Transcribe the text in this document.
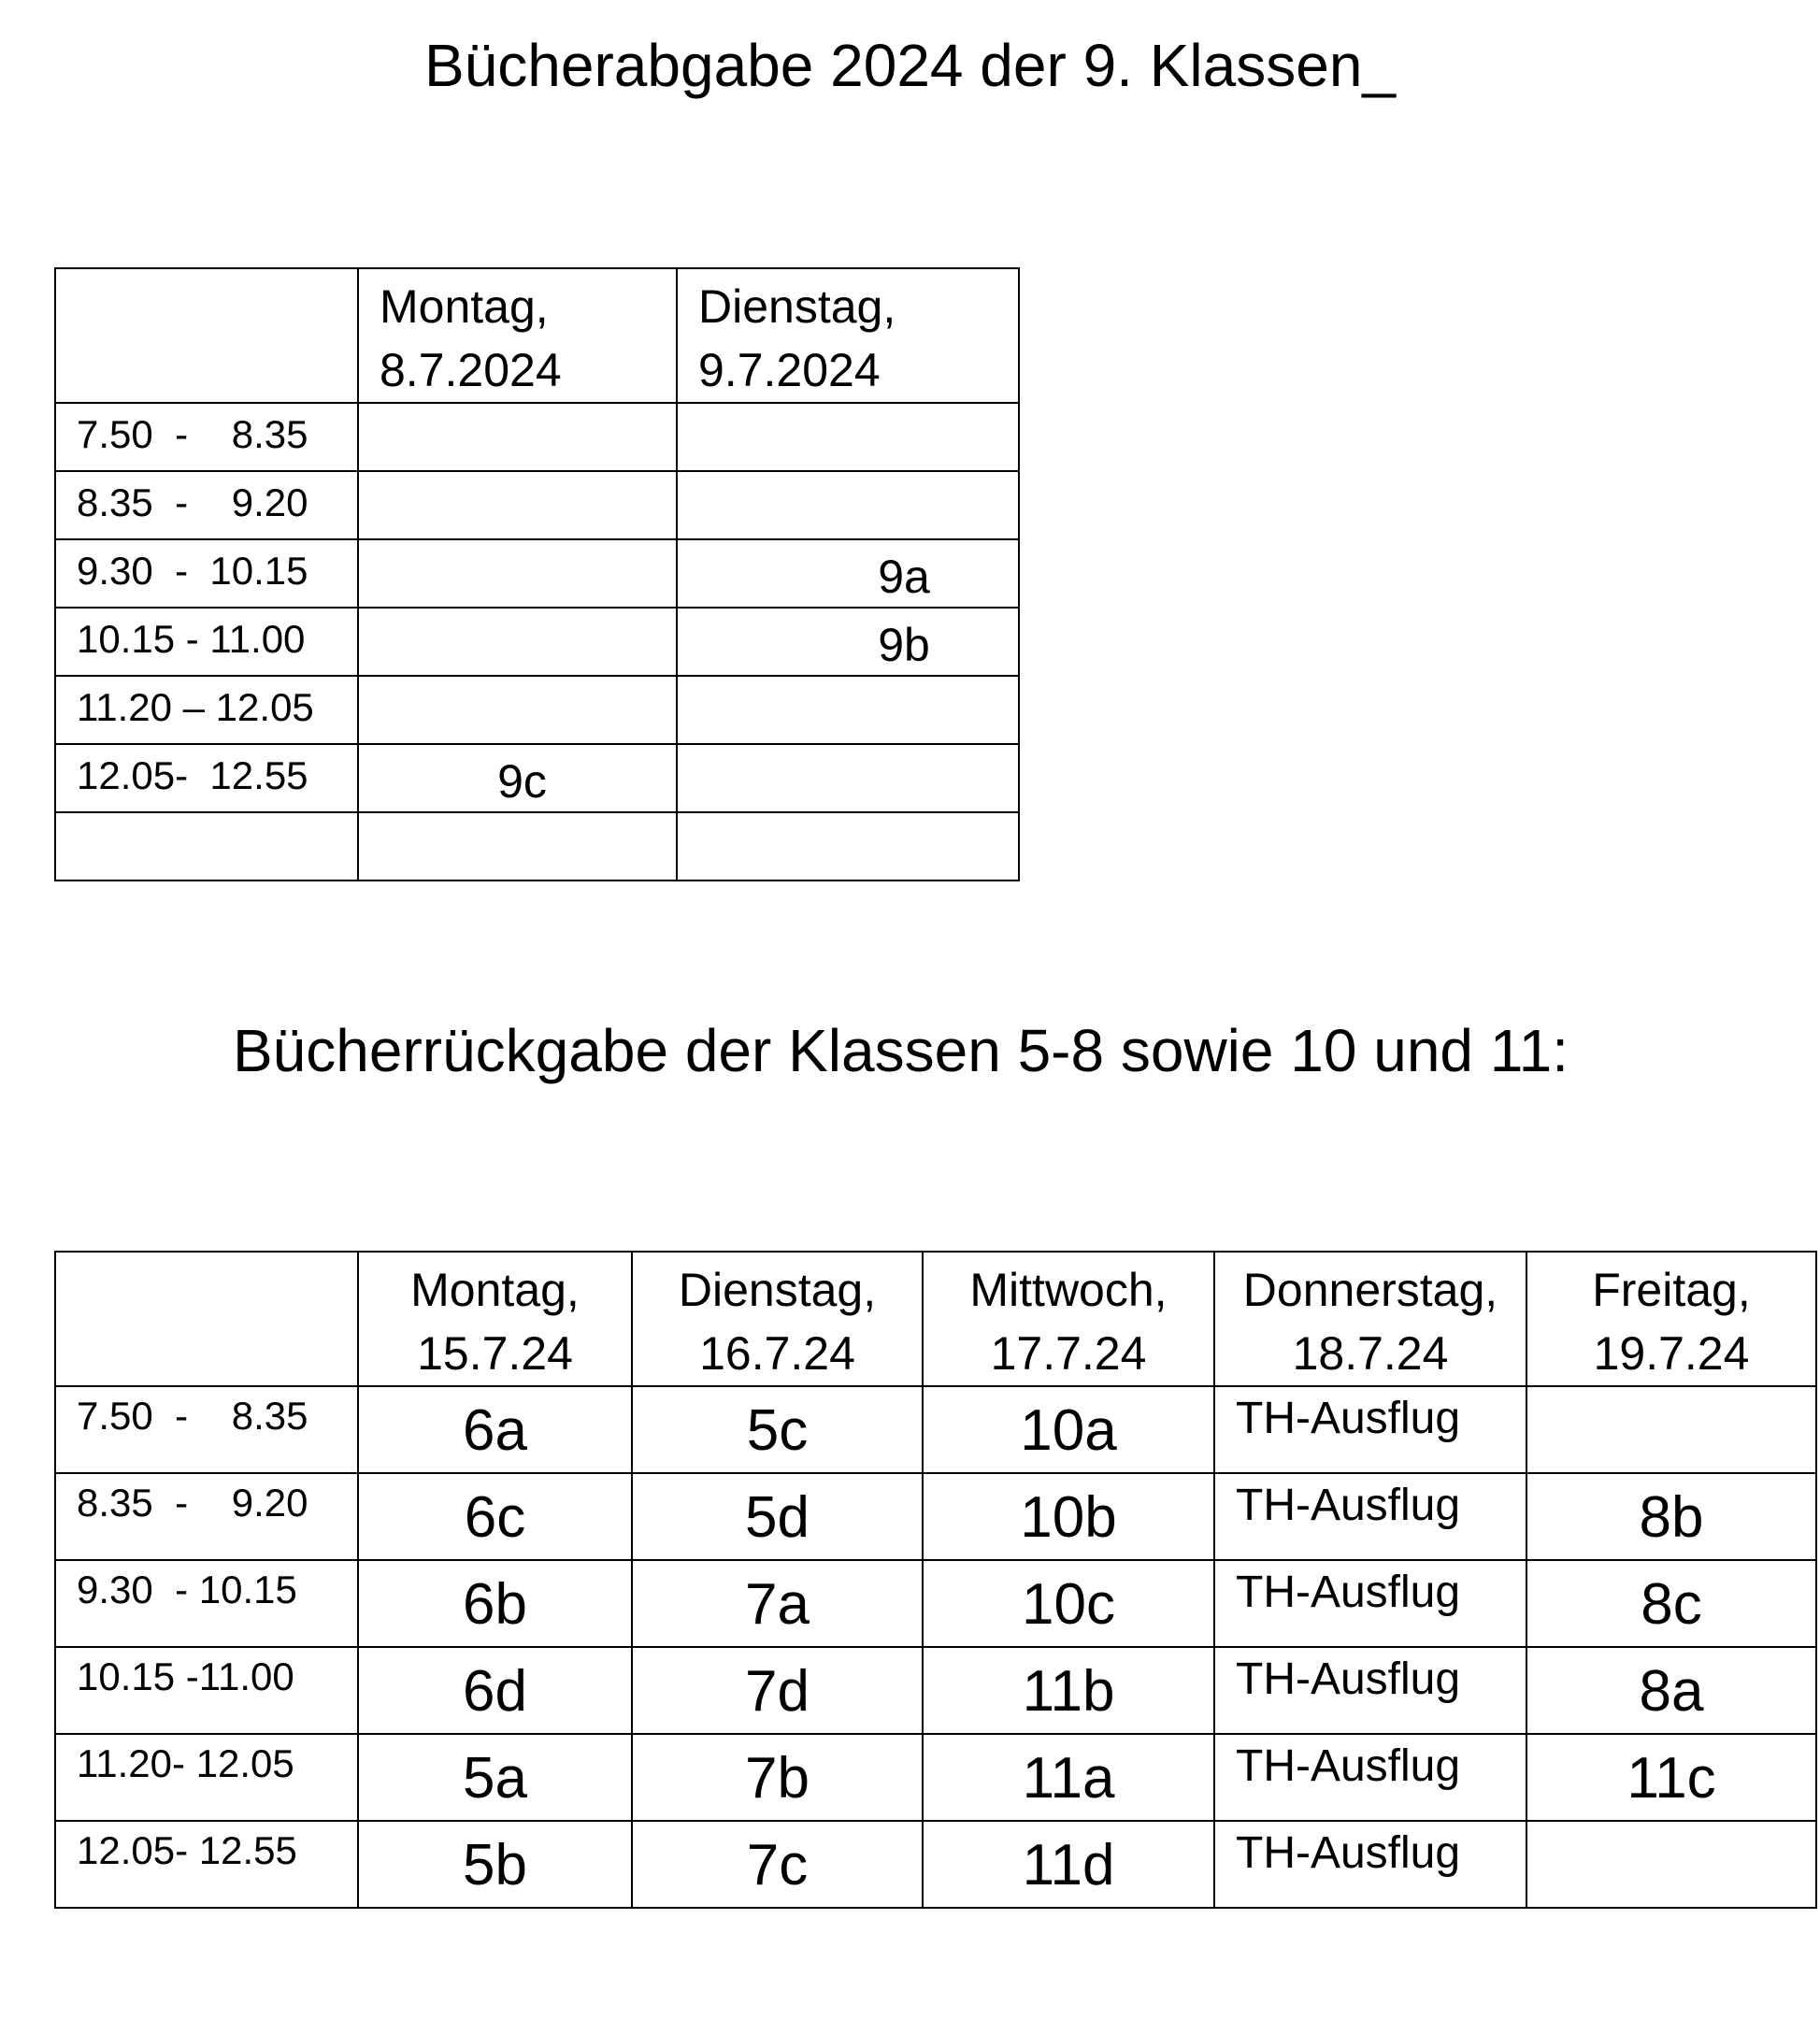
Bücherabgabe 2024 der 9. Klassen_

	Montag,
8.7.2024	Dienstag,
9.7.2024

7.50  -    8.35		

8.35  -    9.20		

9.30  -  10.15		9a

10.15 - 11.00		9b

11.20 – 12.05		

12.05-  12.55	9c	

Bücherrückgabe der Klassen 5-8 sowie 10 und 11:

	Montag,
15.7.24	Dienstag,
16.7.24	Mittwoch,
17.7.24	Donnerstag,
18.7.24	Freitag,
19.7.24

7.50  -    8.35	6a	5c	10a	TH-Ausflug	

8.35  -    9.20	6c	5d	10b	TH-Ausflug	8b

9.30  - 10.15	6b	7a	10c	TH-Ausflug	8c

10.15 -11.00	6d	7d	11b	TH-Ausflug	8a

11.20- 12.05	5a	7b	11a	TH-Ausflug	11c

12.05- 12.55	5b	7c	11d	TH-Ausflug	
